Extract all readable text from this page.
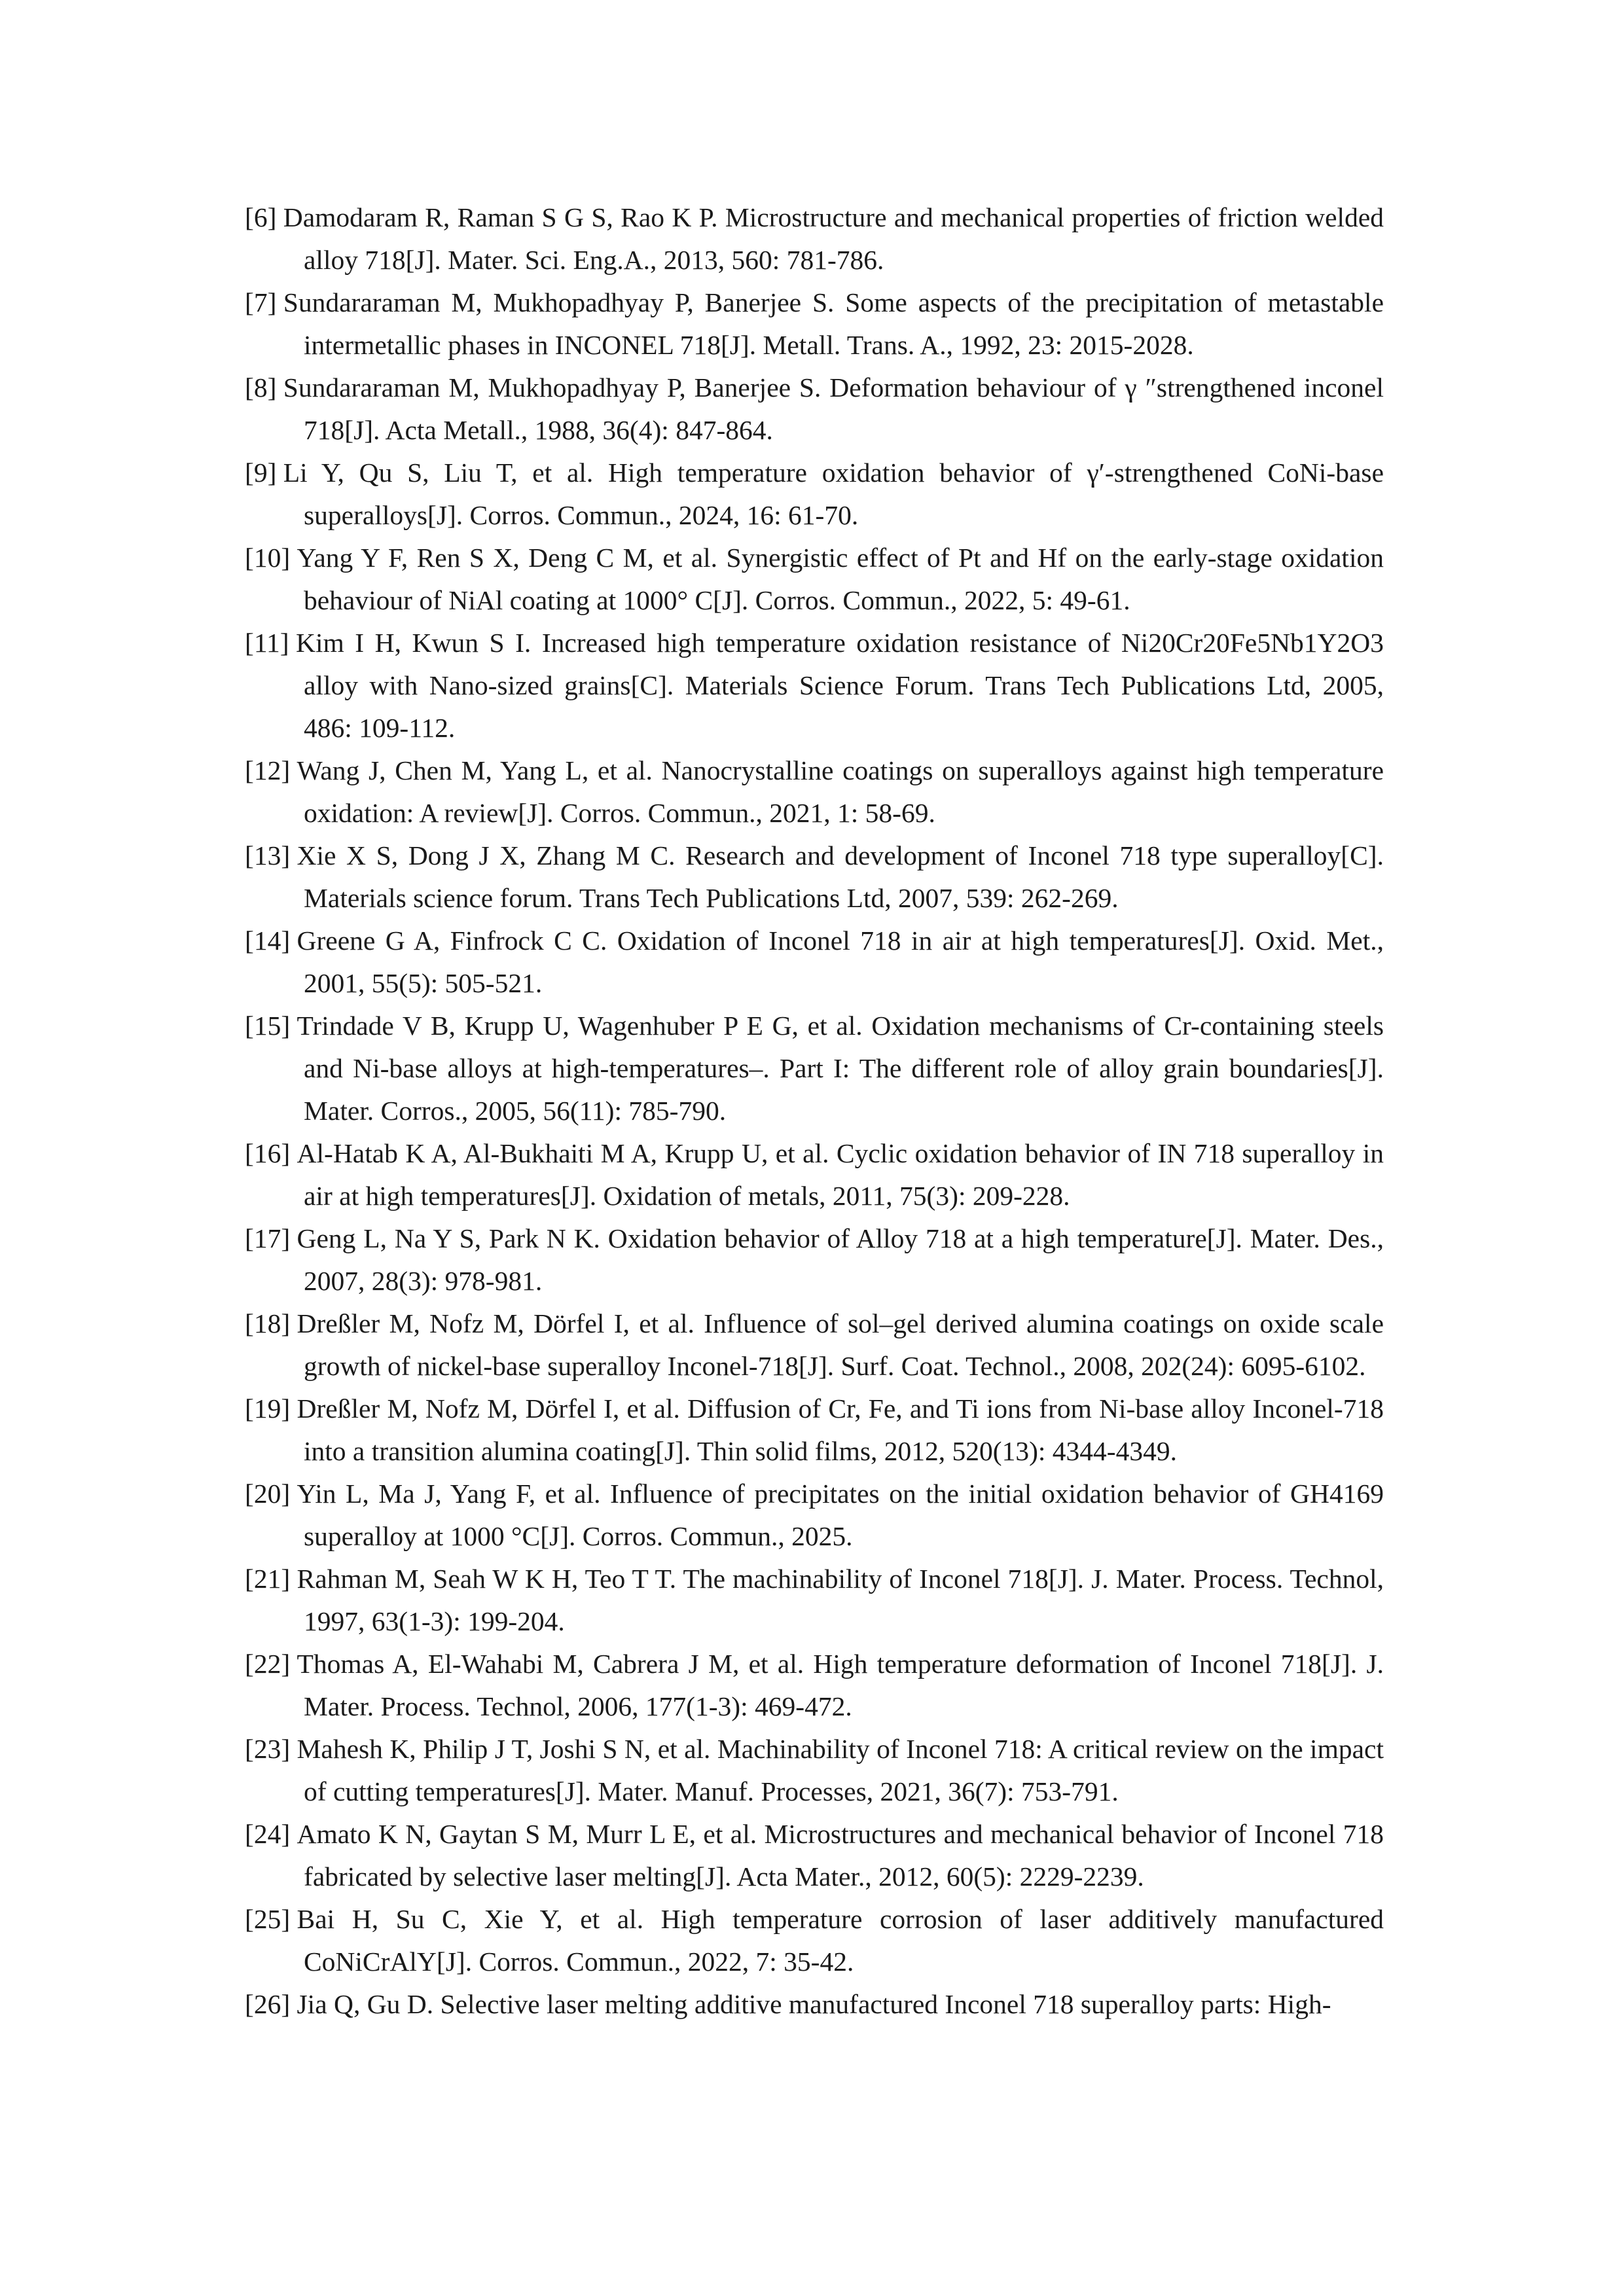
[6] Damodaram R, Raman S G S, Rao K P. Microstructure and mechanical properties of friction welded alloy 718[J]. Mater. Sci. Eng.A., 2013, 560: 781-786.
[7] Sundararaman M, Mukhopadhyay P, Banerjee S. Some aspects of the precipitation of metastable intermetallic phases in INCONEL 718[J]. Metall. Trans. A., 1992, 23: 2015-2028.
[8] Sundararaman M, Mukhopadhyay P, Banerjee S. Deformation behaviour of γ ″strengthened inconel 718[J]. Acta Metall., 1988, 36(4): 847-864.
[9] Li Y, Qu S, Liu T, et al. High temperature oxidation behavior of γ′-strengthened CoNi-base superalloys[J]. Corros. Commun., 2024, 16: 61-70.
[10] Yang Y F, Ren S X, Deng C M, et al. Synergistic effect of Pt and Hf on the early-stage oxidation behaviour of NiAl coating at 1000° C[J]. Corros. Commun., 2022, 5: 49-61.
[11] Kim I H, Kwun S I. Increased high temperature oxidation resistance of Ni20Cr20Fe5Nb1Y2O3 alloy with Nano-sized grains[C]. Materials Science Forum. Trans Tech Publications Ltd, 2005, 486: 109-112.
[12] Wang J, Chen M, Yang L, et al. Nanocrystalline coatings on superalloys against high temperature oxidation: A review[J]. Corros. Commun., 2021, 1: 58-69.
[13] Xie X S, Dong J X, Zhang M C. Research and development of Inconel 718 type superalloy[C]. Materials science forum. Trans Tech Publications Ltd, 2007, 539: 262-269.
[14] Greene G A, Finfrock C C. Oxidation of Inconel 718 in air at high temperatures[J]. Oxid. Met., 2001, 55(5): 505-521.
[15] Trindade V B, Krupp U, Wagenhuber P E G, et al. Oxidation mechanisms of Cr-containing steels and Ni-base alloys at high-temperatures–. Part I: The different role of alloy grain boundaries[J]. Mater. Corros., 2005, 56(11): 785-790.
[16] Al-Hatab K A, Al-Bukhaiti M A, Krupp U, et al. Cyclic oxidation behavior of IN 718 superalloy in air at high temperatures[J]. Oxidation of metals, 2011, 75(3): 209-228.
[17] Geng L, Na Y S, Park N K. Oxidation behavior of Alloy 718 at a high temperature[J]. Mater. Des., 2007, 28(3): 978-981.
[18] Dreßler M, Nofz M, Dörfel I, et al. Influence of sol–gel derived alumina coatings on oxide scale growth of nickel-base superalloy Inconel-718[J]. Surf. Coat. Technol., 2008, 202(24): 6095-6102.
[19] Dreßler M, Nofz M, Dörfel I, et al. Diffusion of Cr, Fe, and Ti ions from Ni-base alloy Inconel-718 into a transition alumina coating[J]. Thin solid films, 2012, 520(13): 4344-4349.
[20] Yin L, Ma J, Yang F, et al. Influence of precipitates on the initial oxidation behavior of GH4169 superalloy at 1000 °C[J]. Corros. Commun., 2025.
[21] Rahman M, Seah W K H, Teo T T. The machinability of Inconel 718[J]. J. Mater. Process. Technol, 1997, 63(1-3): 199-204.
[22] Thomas A, El-Wahabi M, Cabrera J M, et al. High temperature deformation of Inconel 718[J]. J. Mater. Process. Technol, 2006, 177(1-3): 469-472.
[23] Mahesh K, Philip J T, Joshi S N, et al. Machinability of Inconel 718: A critical review on the impact of cutting temperatures[J]. Mater. Manuf. Processes, 2021, 36(7): 753-791.
[24] Amato K N, Gaytan S M, Murr L E, et al. Microstructures and mechanical behavior of Inconel 718 fabricated by selective laser melting[J]. Acta Mater., 2012, 60(5): 2229-2239.
[25] Bai H, Su C, Xie Y, et al. High temperature corrosion of laser additively manufactured CoNiCrAlY[J]. Corros. Commun., 2022, 7: 35-42.
[26] Jia Q, Gu D. Selective laser melting additive manufactured Inconel 718 superalloy parts: High-
